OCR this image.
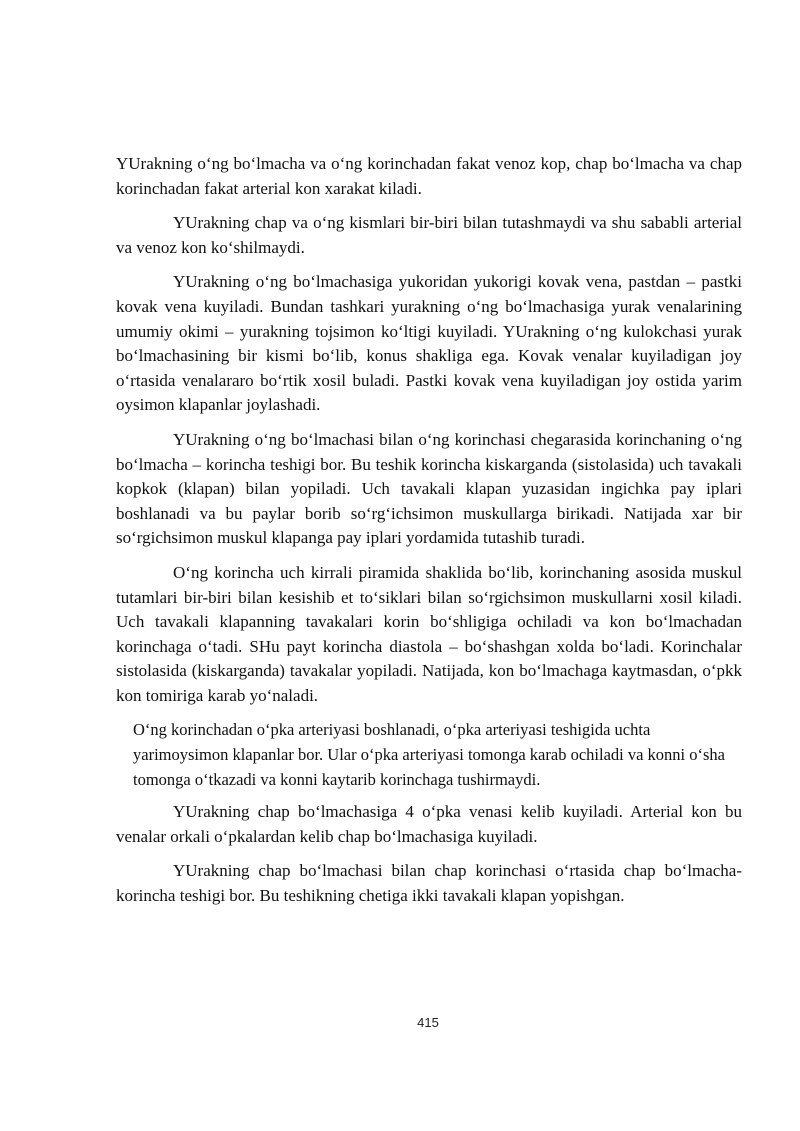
YUrakning o‘ng bo‘lmacha va o‘ng korinchadan fakat venoz kop, chap bo‘lmacha va chap korinchadan fakat arterial kon xarakat kiladi.

YUrakning chap va o‘ng kismlari bir-biri bilan tutashmaydi va shu sababli arterial va venoz kon ko‘shilmaydi.

YUrakning o‘ng bo‘lmachasiga yukoridan yukorigi kovak vena, pastdan – pastki kovak vena kuyiladi. Bundan tashkari yurakning o‘ng bo‘lmachasiga yurak venalarining umumiy okimi – yurakning tojsimon ko‘ltigi kuyiladi. YUrakning o‘ng kulokchasi yurak bo‘lmachasining bir kismi bo‘lib, konus shakliga ega. Kovak venalar kuyiladigan joy o‘rtasida venalararo bo‘rtik xosil buladi. Pastki kovak vena kuyiladigan joy ostida yarim oysimon klapanlar joylashadi.

YUrakning o‘ng bo‘lmachasi bilan o‘ng korinchasi chegarasida korinchaning o‘ng bo‘lmacha – korincha teshigi bor. Bu teshik korincha kiskarganda (sistolasida) uch tavakali kopkok (klapan) bilan yopiladi. Uch tavakali klapan yuzasidan ingichka pay iplari boshlanadi va bu paylar borib so‘rg‘ichsimon muskullarga birikadi. Natijada xar bir so‘rgichsimon muskul klapanga pay iplari yordamida tutashib turadi.

O‘ng korincha uch kirrali piramida shaklida bo‘lib, korinchaning asosida muskul tutamlari bir-biri bilan kesishib et to‘siklari bilan so‘rgichsimon muskullarni xosil kiladi. Uch tavakali klapanning tavakalari korin bo‘shligiga ochiladi va kon bo‘lmachadan korinchaga o‘tadi. SHu payt korincha diastola – bo‘shashgan xolda bo‘ladi. Korinchalar sistolasida (kiskarganda) tavakalar yopiladi. Natijada, kon bo‘lmachaga kaytmasdan, o‘pkk kon tomiriga karab yo‘naladi.

O‘ng korinchadan o‘pka arteriyasi boshlanadi, o‘pka arteriyasi teshigida uchta yarimoysimon klapanlar bor. Ular o‘pka arteriyasi tomonga karab ochiladi va konni o‘sha tomonga o‘tkazadi va konni kaytarib korinchaga tushirmaydi.

YUrakning chap bo‘lmachasiga 4 o‘pka venasi kelib kuyiladi. Arterial kon bu venalar orkali o‘pkalardan kelib chap bo‘lmachasiga kuyiladi.

YUrakning chap bo‘lmachasi bilan chap korinchasi o‘rtasida chap bo‘lmacha-korincha teshigi bor. Bu teshikning chetiga ikki tavakali klapan yopishgan.

415
